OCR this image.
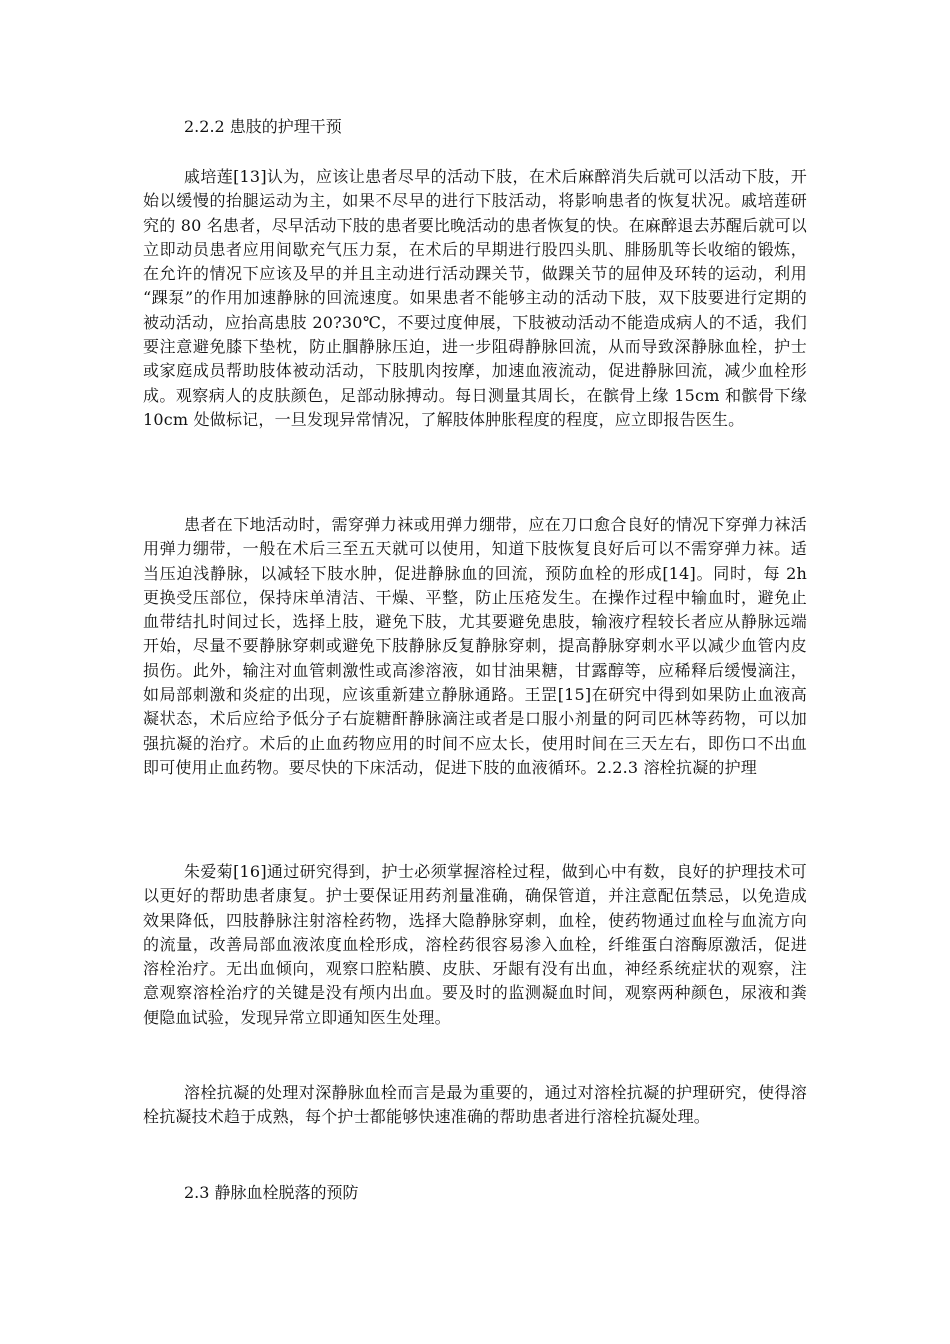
2.2.2 患肢的护理干预

戚培莲[13]认为，应该让患者尽早的活动下肢，在术后麻醉消失后就可以活动下肢，开始以缓慢的抬腿运动为主，如果不尽早的进行下肢活动，将影响患者的恢复状况。戚培莲研究的 80 名患者，尽早活动下肢的患者要比晚活动的患者恢复的快。在麻醉退去苏醒后就可以立即动员患者应用间歇充气压力泵，在术后的早期进行股四头肌、腓肠肌等长收缩的锻炼，在允许的情况下应该及早的并且主动进行活动踝关节，做踝关节的屈伸及环转的运动，利用 “踝泵”的作用加速静脉的回流速度。如果患者不能够主动的活动下肢，双下肢要进行定期的被动活动，应抬高患肢 20?30℃，不要过度伸展，下肢被动活动不能造成病人的不适，我们要注意避免膝下垫枕，防止腘静脉压迫，进一步阻碍静脉回流，从而导致深静脉血栓，护士或家庭成员帮助肢体被动活动，下肢肌肉按摩，加速血液流动，促进静脉回流，减少血栓形成。观察病人的皮肤颜色，足部动脉搏动。每日测量其周长，在髌骨上缘 15cm 和髌骨下缘 10cm 处做标记，一旦发现异常情况，了解肢体肿胀程度的程度，应立即报告医生。

患者在下地活动时，需穿弹力袜或用弹力绷带，应在刀口愈合良好的情况下穿弹力袜活用弹力绷带，一般在术后三至五天就可以使用，知道下肢恢复良好后可以不需穿弹力袜。适当压迫浅静脉，以减轻下肢水肿，促进静脉血的回流，预防血栓的形成[14]。同时，每 2h 更换受压部位，保持床单清洁、干燥、平整，防止压疮发生。在操作过程中输血时，避免止血带结扎时间过长，选择上肢，避免下肢，尤其要避免患肢，输液疗程较长者应从静脉远端开始，尽量不要静脉穿刺或避免下肢静脉反复静脉穿刺，提高静脉穿刺水平以减少血管内皮损伤。此外，输注对血管刺激性或高渗溶液，如甘油果糖，甘露醇等，应稀释后缓慢滴注，如局部刺激和炎症的出现，应该重新建立静脉通路。王罡[15]在研究中得到如果防止血液高凝状态，术后应给予低分子右旋糖酐静脉滴注或者是口服小剂量的阿司匹林等药物，可以加强抗凝的治疗。术后的止血药物应用的时间不应太长，使用时间在三天左右，即伤口不出血即可使用止血药物。要尽快的下床活动，促进下肢的血液循环。2.2.3 溶栓抗凝的护理

朱爱菊[16]通过研究得到，护士必须掌握溶栓过程，做到心中有数，良好的护理技术可以更好的帮助患者康复。护士要保证用药剂量准确，确保管道，并注意配伍禁忌，以免造成效果降低，四肢静脉注射溶栓药物，选择大隐静脉穿刺，血栓，使药物通过血栓与血流方向的流量，改善局部血液浓度血栓形成，溶栓药很容易渗入血栓，纤维蛋白溶酶原激活，促进溶栓治疗。无出血倾向，观察口腔粘膜、皮肤、牙龈有没有出血，神经系统症状的观察，注意观察溶栓治疗的关键是没有颅内出血。要及时的监测凝血时间，观察两种颜色，尿液和粪便隐血试验，发现异常立即通知医生处理。

溶栓抗凝的处理对深静脉血栓而言是最为重要的，通过对溶栓抗凝的护理研究，使得溶栓抗凝技术趋于成熟，每个护士都能够快速准确的帮助患者进行溶栓抗凝处理。

2.3 静脉血栓脱落的预防
